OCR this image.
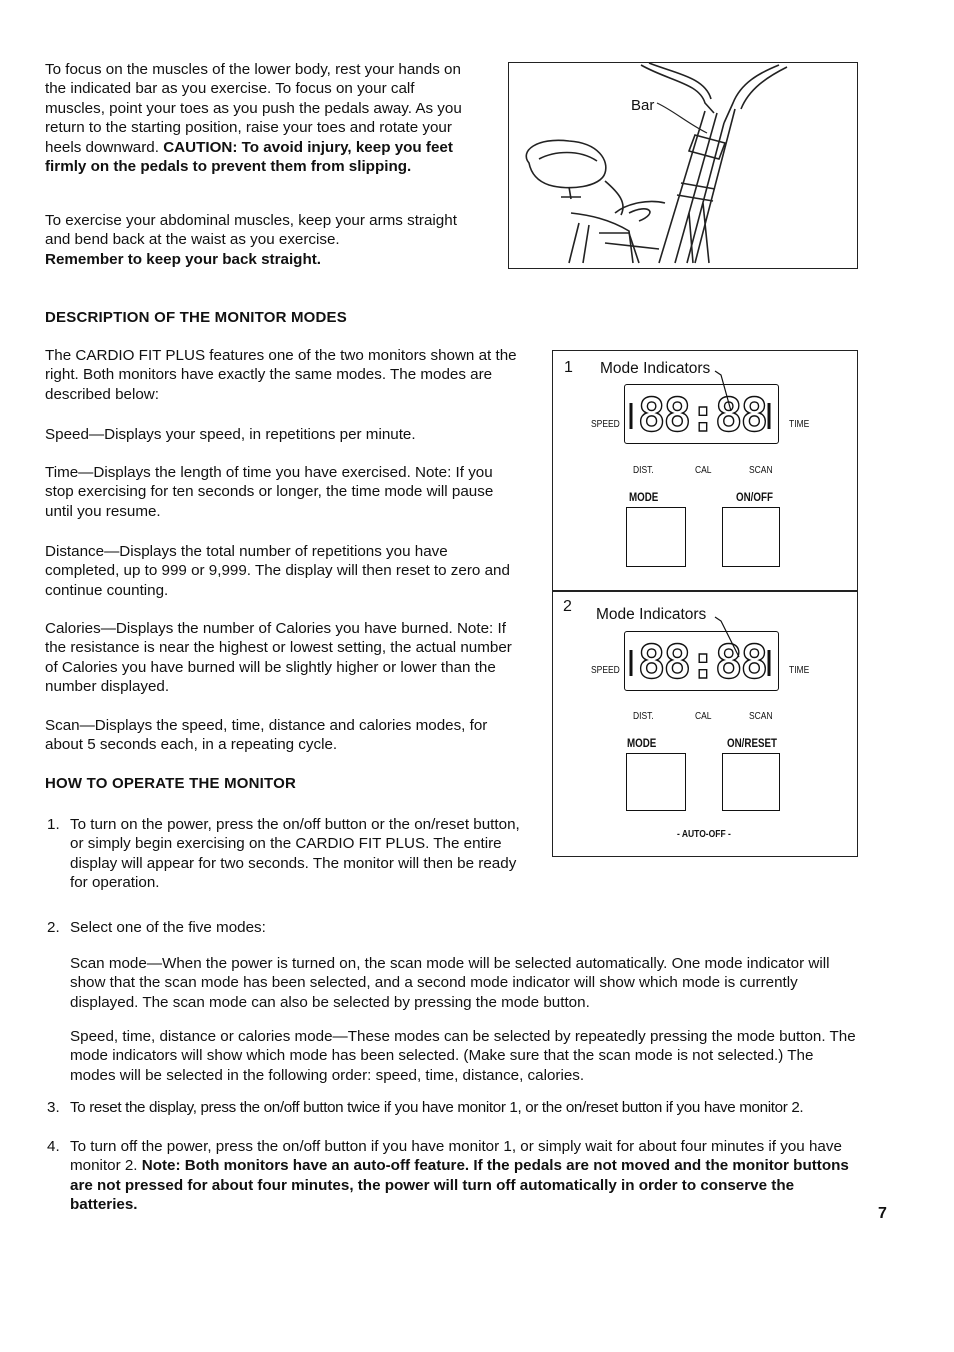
To focus on the muscles of the lower body, rest your hands on the indicated bar as you exercise. To focus on your calf muscles, point your toes as you push the pedals away. As you return to the starting position, raise your toes and rotate your heels downward. CAUTION: To avoid injury, keep you feet firmly on the pedals to prevent them from slipping.

To exercise your abdominal muscles, keep your arms straight and bend back at the waist as you exercise.
Remember to keep your back straight.

Bar
DESCRIPTION OF THE MONITOR MODES

The CARDIO FIT PLUS features one of the two monitors shown at the right. Both monitors have exactly the same modes. The modes are described below:

Speed—Displays your speed, in repetitions per minute.

Time—Displays the length of time you have exercised. Note: If you stop exercising for ten seconds or longer, the time mode will pause until you resume.

Distance—Displays the total number of repetitions you have completed, up to 999 or 9,999. The display will then reset to zero and continue counting.

Calories—Displays the number of Calories you have burned. Note: If the resistance is near the highest or lowest setting, the actual number of Calories you have burned will be slightly higher or lower than the number displayed.

Scan—Displays the speed, time, distance and calories modes, for about 5 seconds each, in a repeating cycle.

HOW TO OPERATE THE MONITOR
1. To turn on the power, press the on/off button or the on/reset button, or simply begin exercising on the CARDIO FIT PLUS. The entire display will appear for two seconds. The monitor will then be ready for operation.
2. Select one of the five modes:

Scan mode—When the power is turned on, the scan mode will be selected automatically. One mode indicator will show that the scan mode has been selected, and a second mode indicator will show which mode is currently displayed. The scan mode can also be selected by pressing the mode button.

Speed, time, distance or calories mode—These modes can be selected by repeatedly pressing the mode button. The mode indicators will show which mode has been selected. (Make sure that the scan mode is not selected.) The modes will be selected in the following order: speed, time, distance, calories.

3. To reset the display, press the on/off button twice if you have monitor 1, or the on/reset button if you have monitor 2.
4. To turn off the power, press the on/off button if you have monitor 1, or simply wait for about four minutes if you have monitor 2. Note: Both monitors have an auto-off feature. If the pedals are not moved and the monitor buttons are not pressed for about four minutes, the power will turn off automatically in order to conserve the batteries.
1 Mode Indicators
SPEED 88:88 TIME
DIST.	CAL	SCAN
MODE	ON/OFF
2 Mode Indicators
SPEED 88:88 TIME
DIST.	CAL	SCAN
MODE	ON/RESET
- AUTO-OFF -
7
